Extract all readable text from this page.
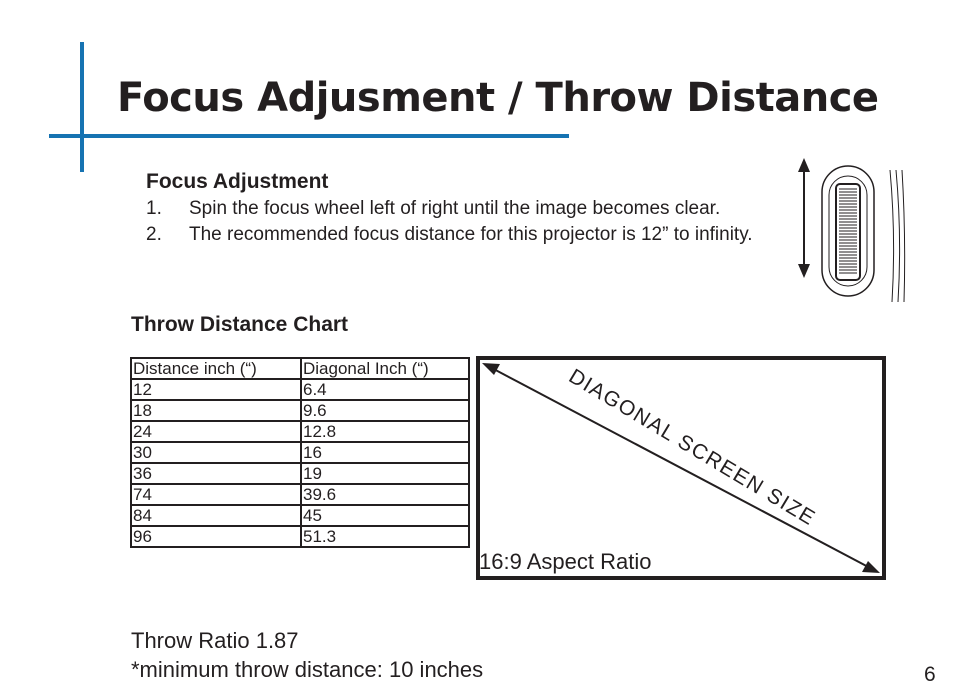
Focus Adjusment / Throw Distance
Focus Adjustment
1. Spin the focus wheel left of right until the image becomes clear.
2. The recommended focus distance for this projector is 12” to infinity.
Throw Distance Chart
Distance inch (“)	Diagonal Inch (“)
12	6.4
18	9.6
24	12.8
30	16
36	19
74	39.6
84	45
96	51.3
DIAGONAL SCREEN SIZE
16:9 Aspect Ratio
Throw Ratio 1.87
*minimum throw distance: 10 inches	6
